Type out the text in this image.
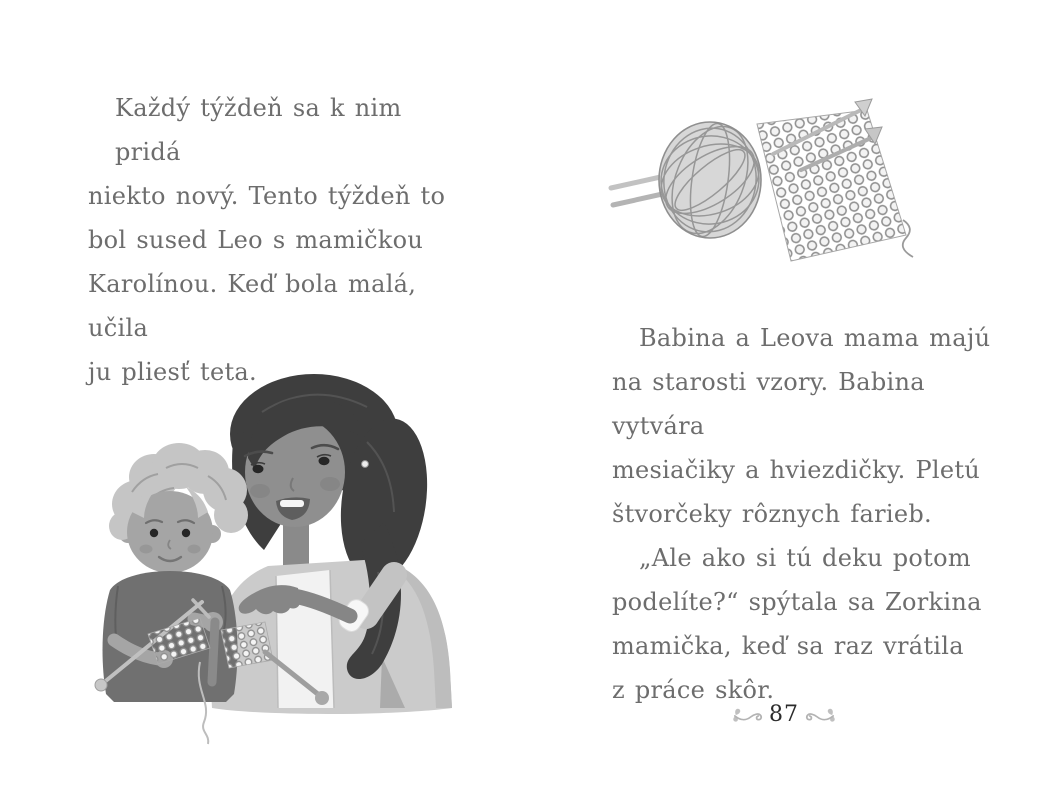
Každý týždeň sa k nim pridá
niekto nový. Tento týždeň to
bol sused Leo s mamičkou
Karolínou. Keď bola malá, učila
ju pliesť teta.
Babina a Leova mama majú
na starosti vzory. Babina vytvára
mesiačiky a hviezdičky. Pletú
štvorčeky rôznych farieb.
„Ale ako si tú deku potom
podelíte?“ spýtala sa Zorkina
mamička, keď sa raz vrátila
z práce skôr.
87
